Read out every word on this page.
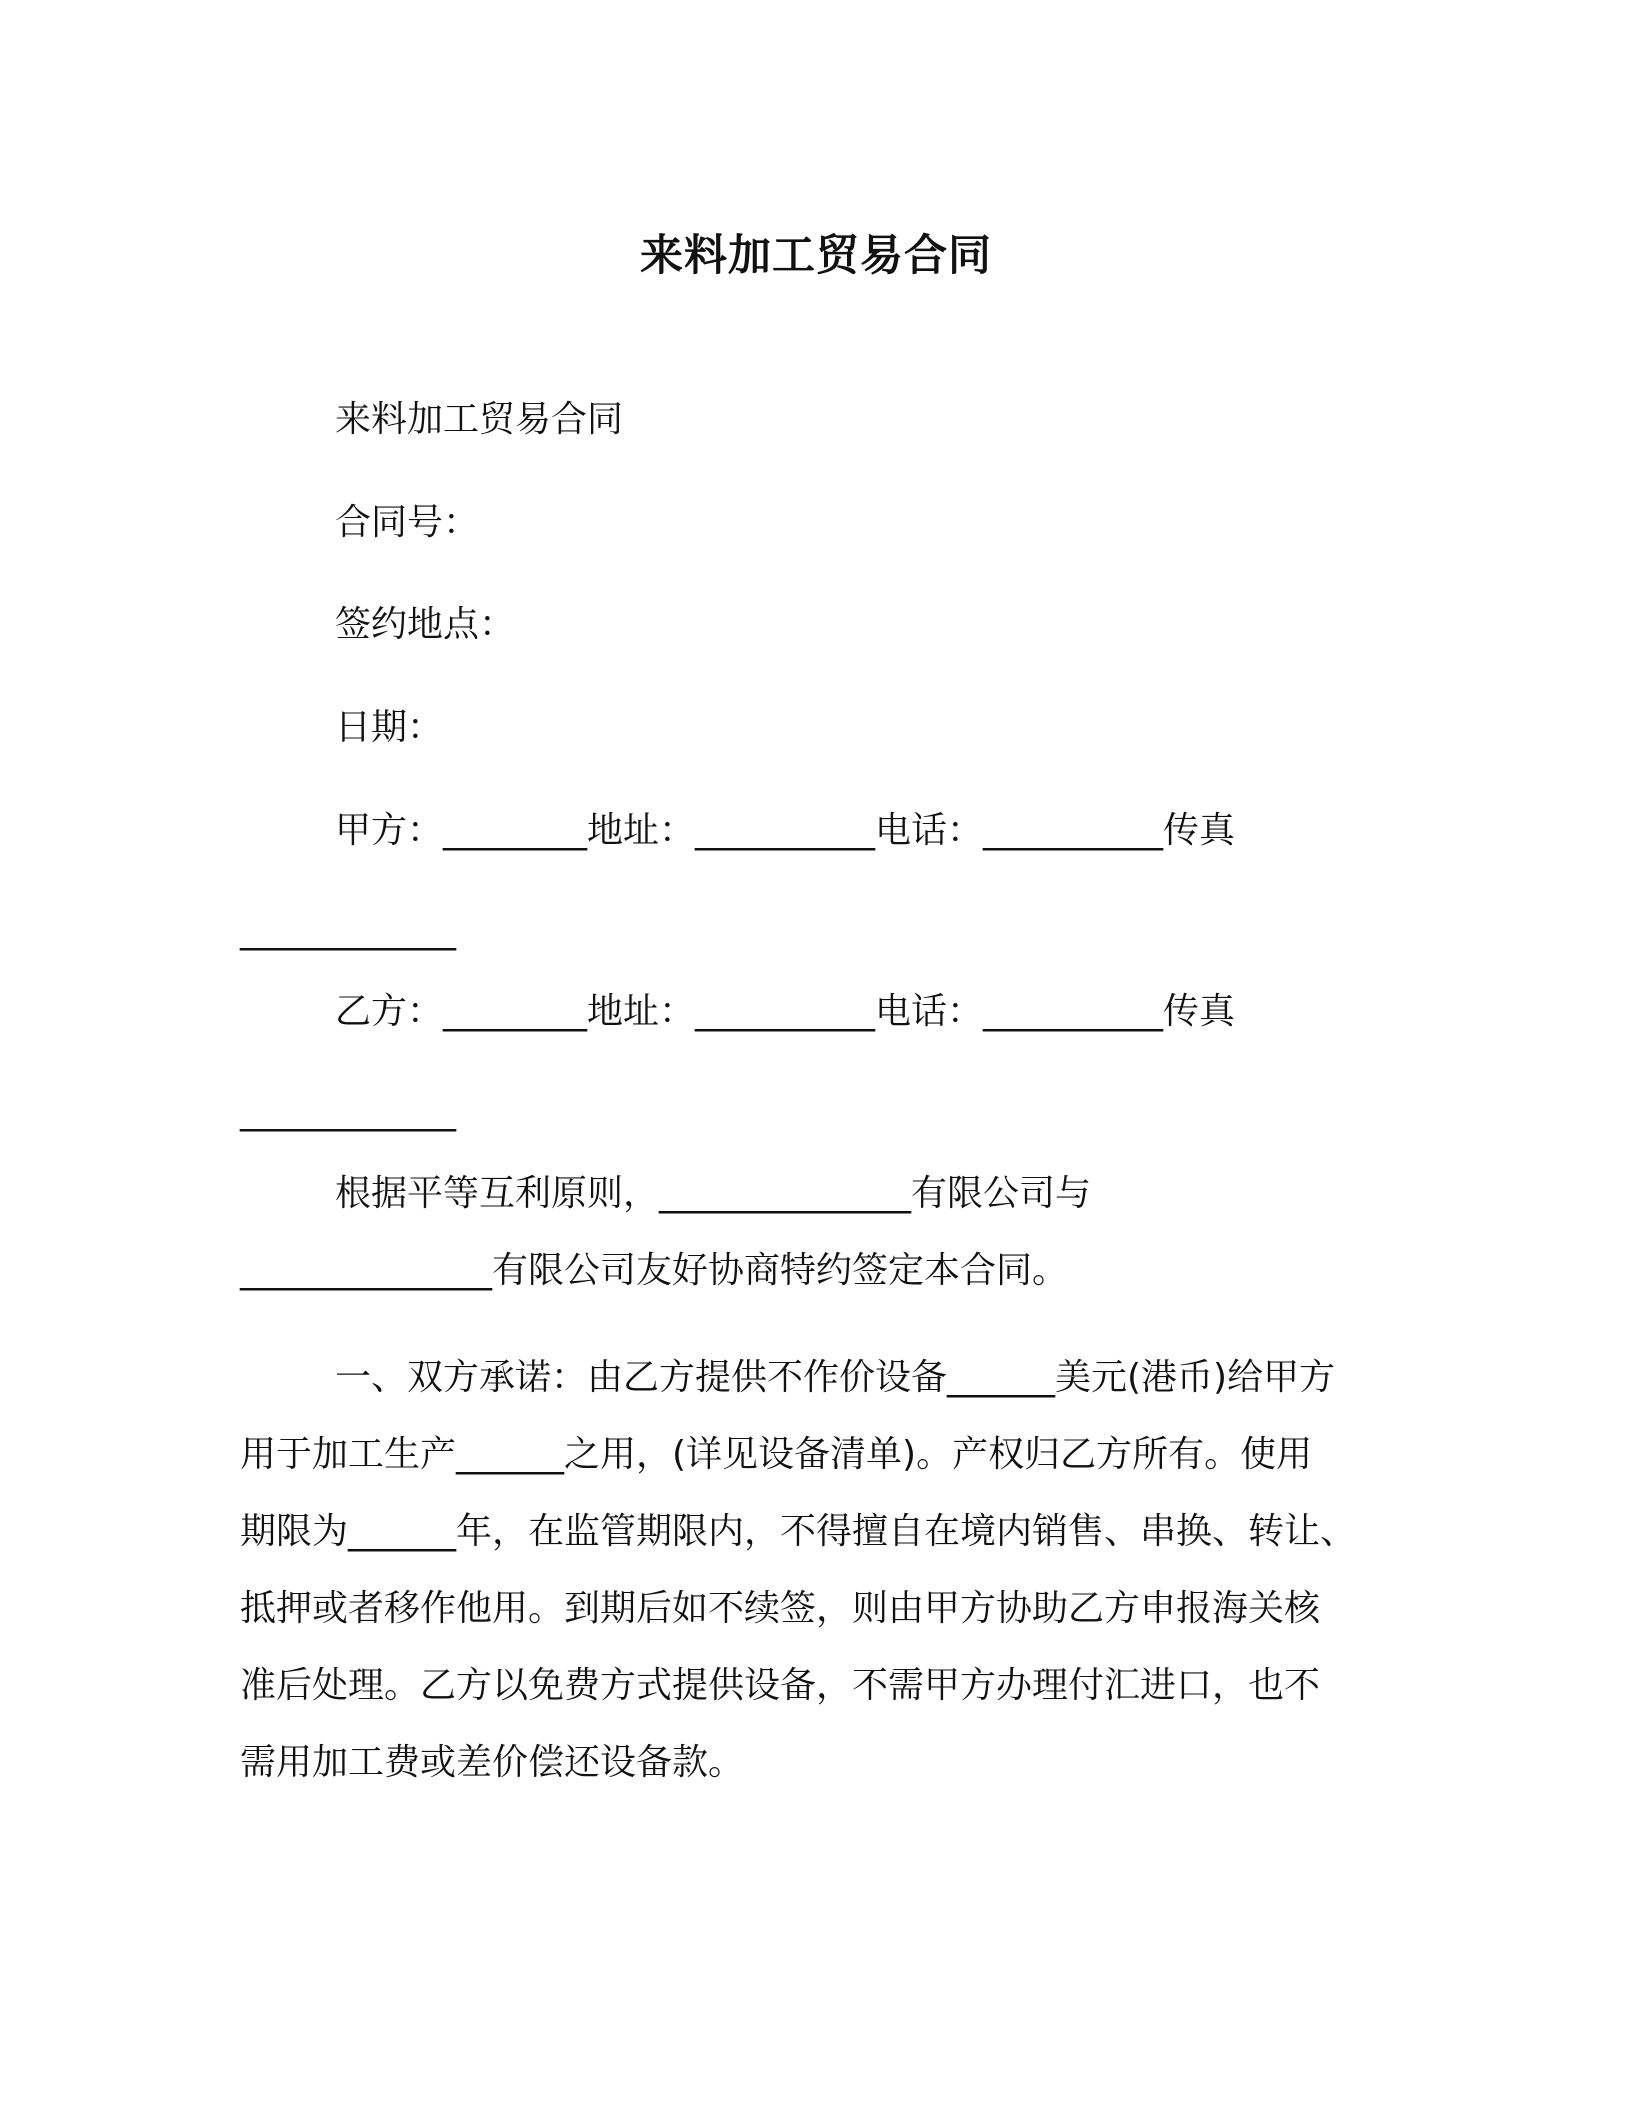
来料加工贸易合同
来料加工贸易合同
合同号：
签约地点：
日期：
甲方：________地址：__________电话：__________传真
____________
乙方：________地址：__________电话：__________传真
____________
根据平等互利原则，______________有限公司与
______________有限公司友好协商特约签定本合同。
一、双方承诺：由乙方提供不作价设备______美元(港币)给甲方
用于加工生产______之用，(详见设备清单)。产权归乙方所有。使用
期限为______年，在监管期限内，不得擅自在境内销售、串换、转让、
抵押或者移作他用。到期后如不续签，则由甲方协助乙方申报海关核
准后处理。乙方以免费方式提供设备，不需甲方办理付汇进口，也不
需用加工费或差价偿还设备款。
